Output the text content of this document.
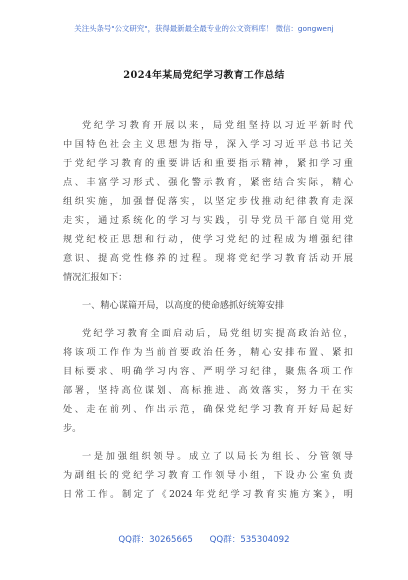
关注头条号"公文研究"，获得最新最全最专业的公文资料库！ 微信：gongwenj
2024年某局党纪学习教育工作总结
党纪学习教育开展以来，局党组坚持以习近平新时代
中国特色社会主义思想为指导，深入学习习近平总书记关
于党纪学习教育的重要讲话和重要指示精神，紧扣学习重
点、丰富学习形式、强化警示教育，紧密结合实际，精心
组织实施，加强督促落实，以坚定步伐推动纪律教育走深
走实，通过系统化的学习与实践，引导党员干部自觉用党
规党纪校正思想和行动，使学习党纪的过程成为增强纪律
意识、提高党性修养的过程。现将党纪学习教育活动开展
情况汇报如下：
一、精心谋篇开局，以高度的使命感抓好统筹安排
党纪学习教育全面启动后，局党组切实提高政治站位，
将该项工作作为当前首要政治任务，精心安排布置、紧扣
目标要求、明确学习内容、严明学习纪律，聚焦各项工作
部署，坚持高位谋划、高标推进、高效落实，努力干在实
处、走在前列、作出示范，确保党纪学习教育开好局起好
步。
一是加强组织领导。成立了以局长为组长、分管领导
为副组长的党纪学习教育工作领导小组，下设办公室负责
日常工作。制定了《2024年党纪学习教育实施方案》，明
QQ群：30265665 QQ群：535304092
